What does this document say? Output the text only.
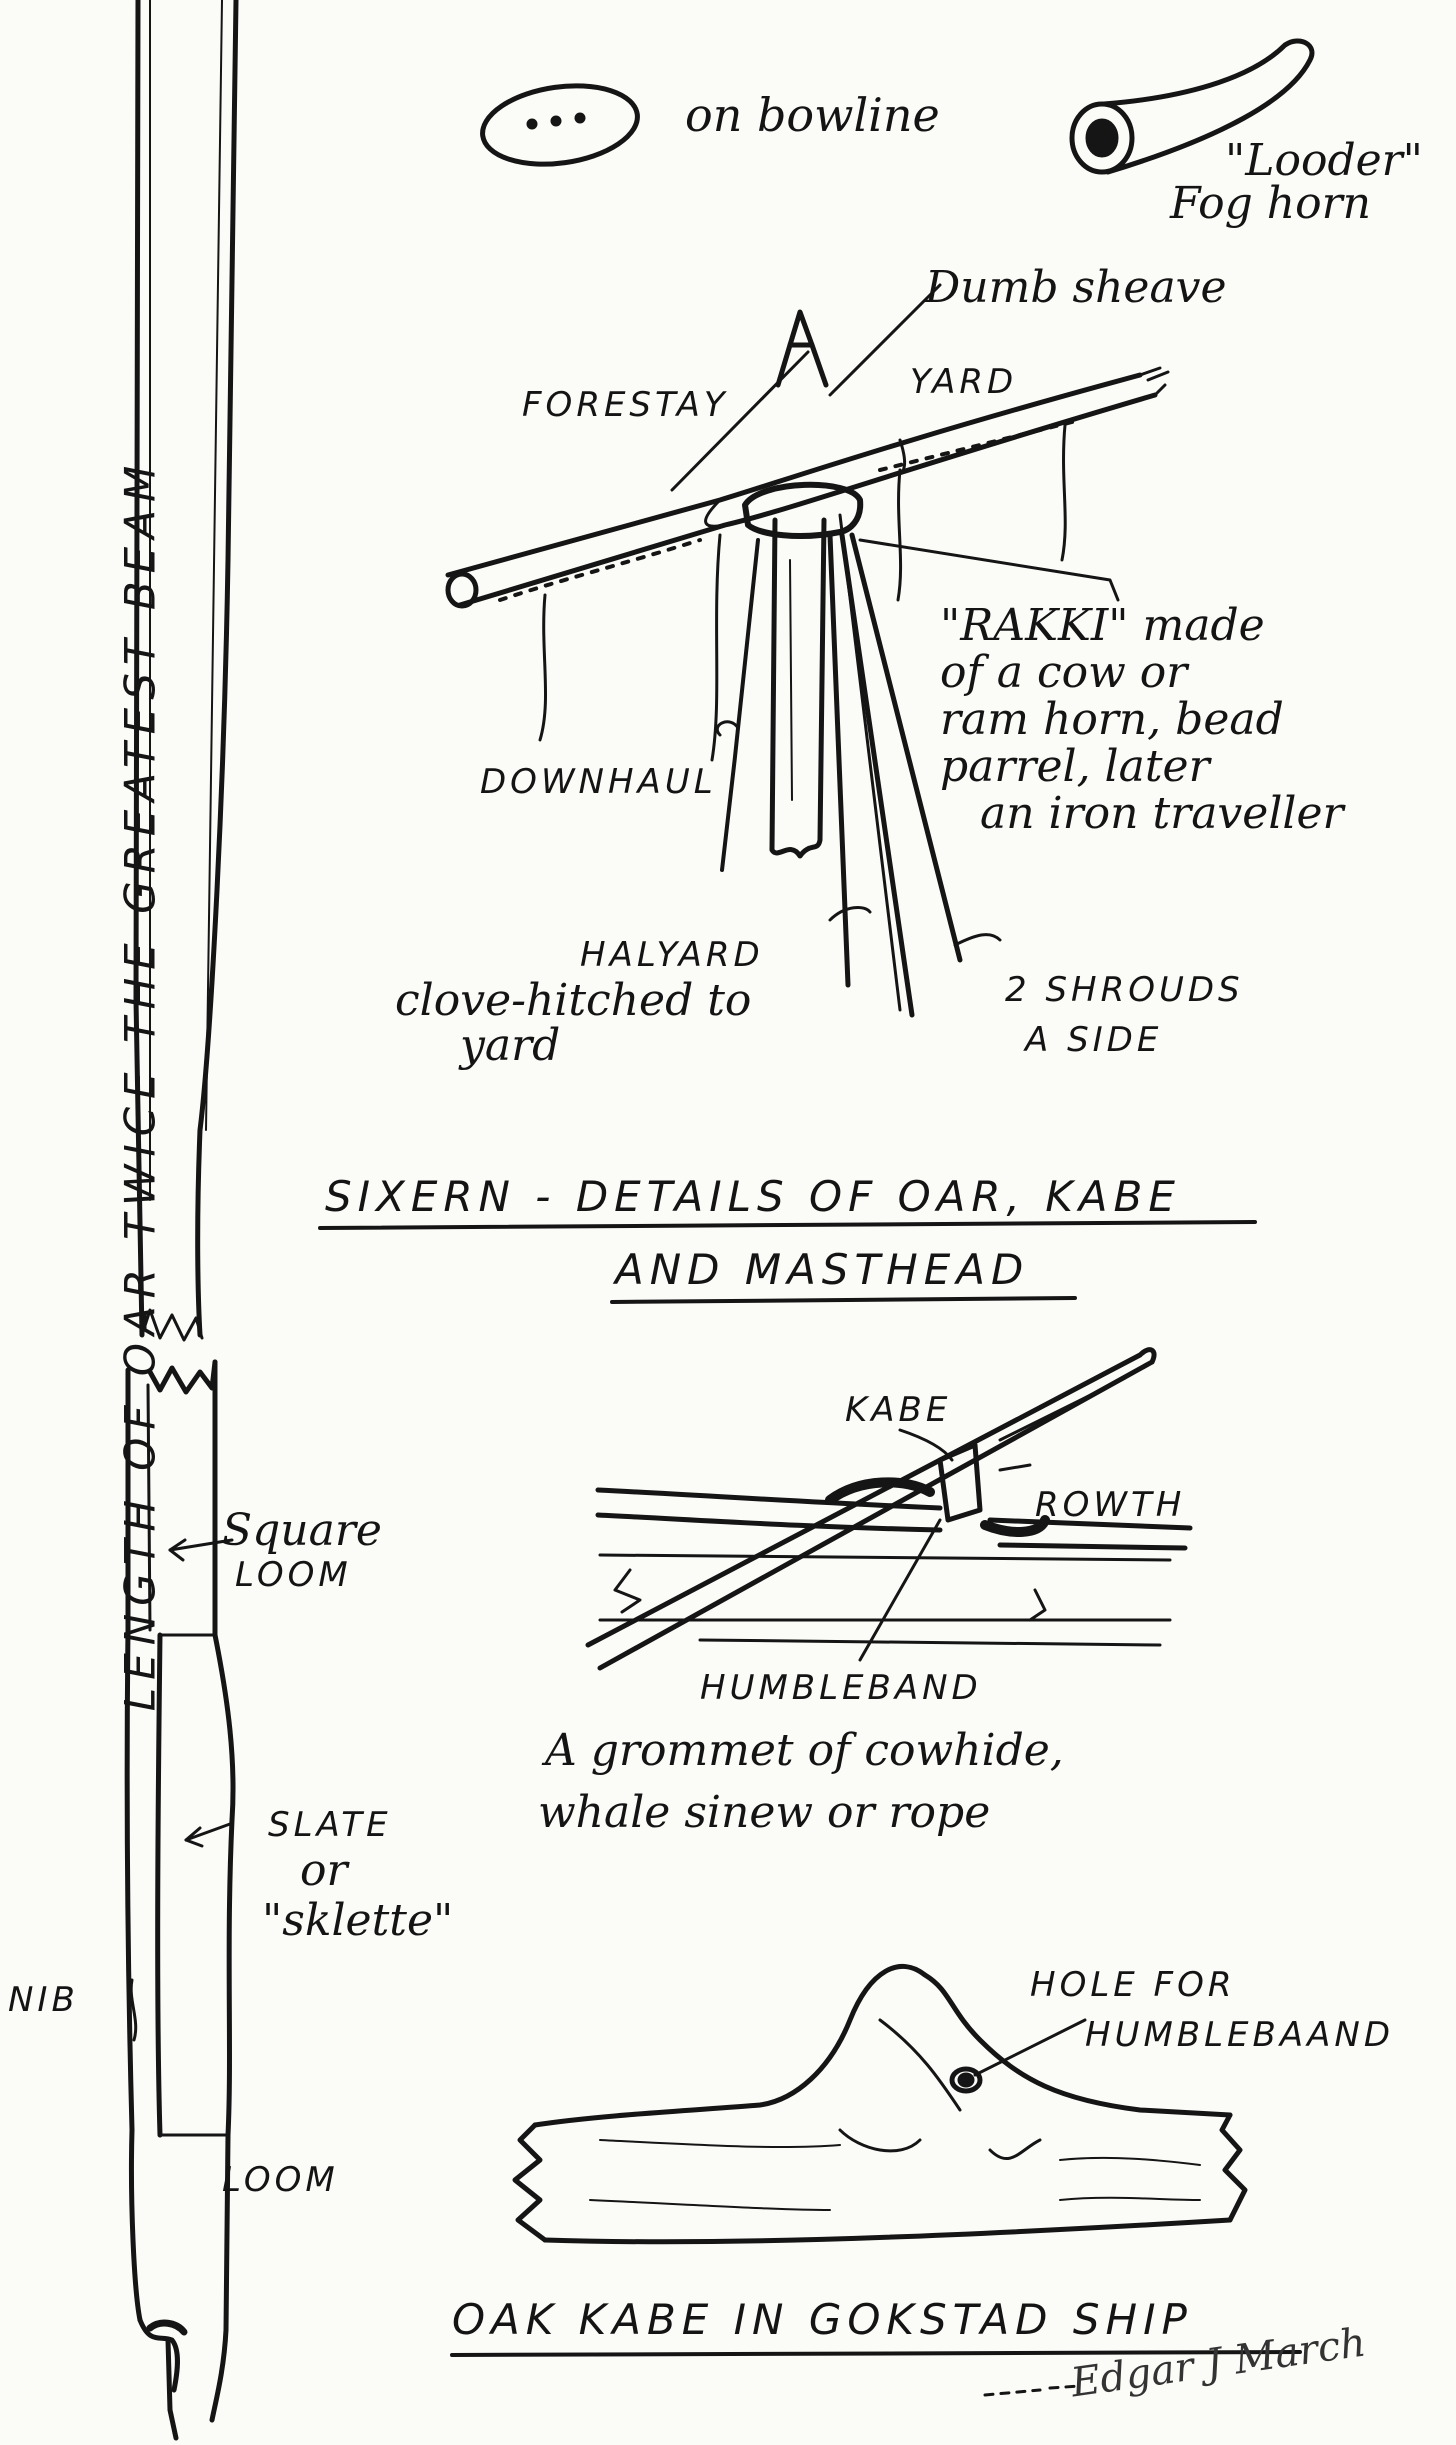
on bowline
"Looder"
Fog horn
Dumb sheave
FORESTAY
YARD
DOWNHAUL
"RAKKI" made
of a cow or
ram horn, bead
parrel, later
an iron traveller
HALYARD
clove-hitched to
yard
2 SHROUDS
A SIDE
SIXERN - DETAILS OF OAR, KABE
AND MASTHEAD
LENGTH OF OAR TWICE THE GREATEST BEAM Square
LOOM
SLATE
or
"sklette"
NIB
LOOM
KABE
ROWTH
HUMBLEBAND
A grommet of cowhide,
whale sinew or rope
HOLE FOR
HUMBLEBAAND
OAK KABE IN GOKSTAD SHIP
Edgar J March
